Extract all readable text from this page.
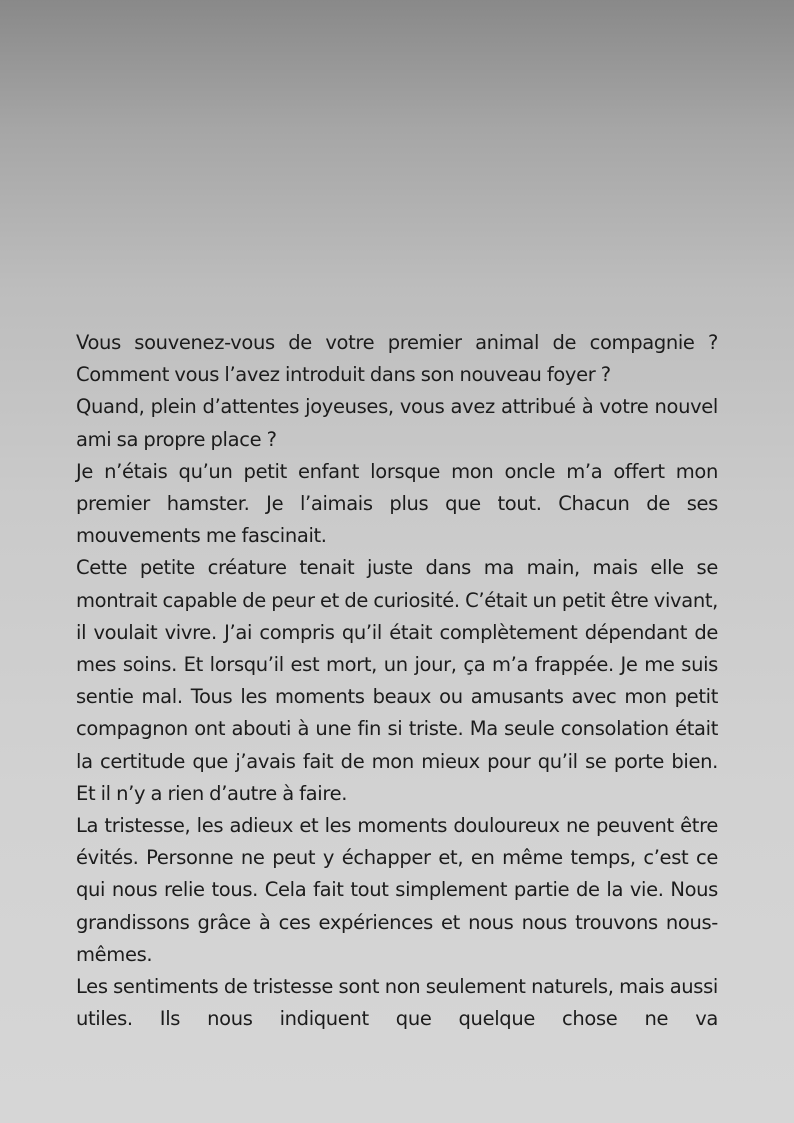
Vous souvenez-vous de votre premier animal de compagnie ? Comment vous l’avez introduit dans son nouveau foyer ?

Quand, plein d’attentes joyeuses, vous avez attribué à votre nouvel ami sa propre place ?

Je n’étais qu’un petit enfant lorsque mon oncle m’a offert mon premier hamster. Je l’aimais plus que tout. Chacun de ses mouvements me fascinait.

Cette petite créature tenait juste dans ma main, mais elle se montrait capable de peur et de curiosité. C’était un petit être vivant, il voulait vivre. J’ai compris qu’il était complètement dépendant de mes soins. Et lorsqu’il est mort, un jour, ça m’a frappée. Je me suis sentie mal. Tous les moments beaux ou amusants avec mon petit compagnon ont abouti à une fin si triste. Ma seule consolation était la certitude que j’avais fait de mon mieux pour qu’il se porte bien. Et il n’y a rien d’autre à faire.

La tristesse, les adieux et les moments douloureux ne peuvent être évités. Personne ne peut y échapper et, en même temps, c’est ce qui nous relie tous. Cela fait tout simplement partie de la vie. Nous grandissons grâce à ces expériences et nous nous trouvons nous-mêmes.

Les sentiments de tristesse sont non seulement naturels, mais aussi utiles. Ils nous indiquent que quelque chose ne va
